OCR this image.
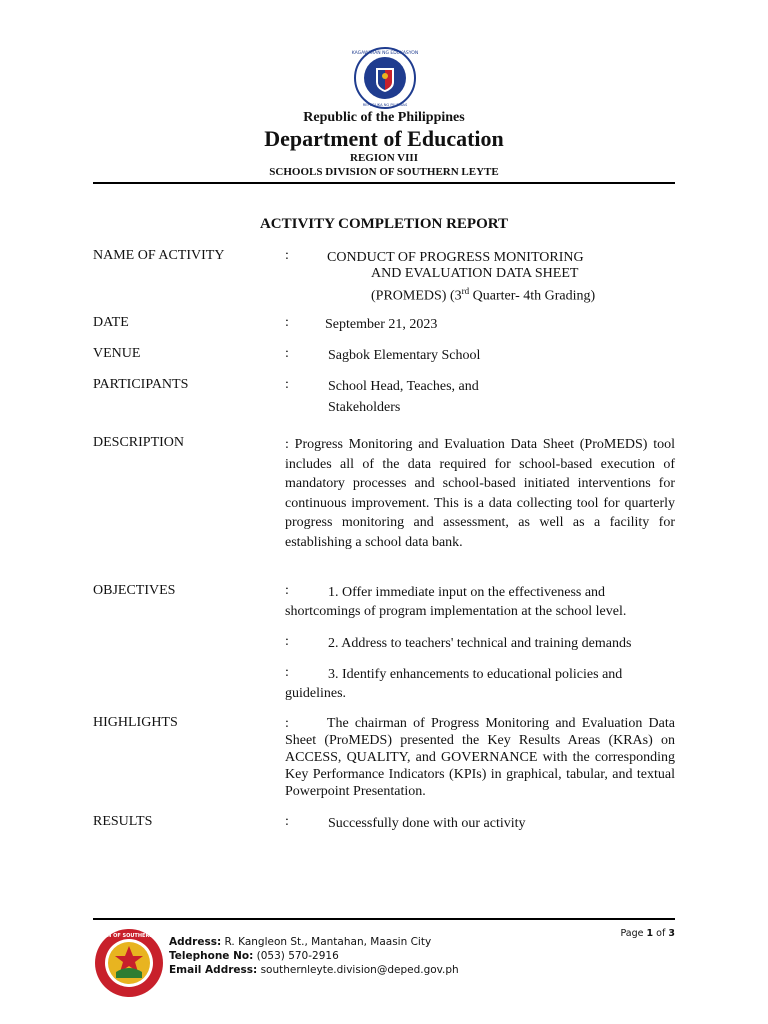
KAGAWARAN NG EDUKASYON
REPUBLIKA NG PILIPINAS
Republic of the Philippines
Department of Education
REGION VIII
SCHOOLS DIVISION OF SOUTHERN LEYTE
ACTIVITY COMPLETION REPORT
NAME OF ACTIVITY	:	CONDUCT OF PROGRESS MONITORING
AND EVALUATION DATA SHEET
(PROMEDS) (3rd Quarter- 4th Grading)
DATE	:	September 21, 2023
VENUE	:	Sagbok Elementary School
PARTICIPANTS	:	School Head, Teaches, and
Stakeholders
DESCRIPTION	: Progress Monitoring and Evaluation Data Sheet (ProMEDS) tool includes all of the data required for school-based execution of mandatory processes and school-based initiated interventions for continuous improvement. This is a data collecting tool for quarterly progress monitoring and assessment, as well as a facility for establishing a school data bank.
OBJECTIVES	:	1. Offer immediate input on the effectiveness and
shortcomings of program implementation at the school level.
:	2. Address to teachers' technical and training demands
:	3. Identify enhancements to educational policies and
guidelines.
HIGHLIGHTS	:	The chairman of Progress Monitoring and Evaluation Data Sheet (ProMEDS) presented the Key Results Areas (KRAs) on ACCESS, QUALITY, and GOVERNANCE with the corresponding Key Performance Indicators (KPIs) in graphical, tabular, and textual Powerpoint Presentation.
RESULTS	:	Successfully done with our activity
DIVISION OF SOUTHERN LEYTE
Address: R. Kangleon St., Mantahan, Maasin City
Telephone No: (053) 570-2916
Email Address: southernleyte.division@deped.gov.ph
Page 1 of 3
